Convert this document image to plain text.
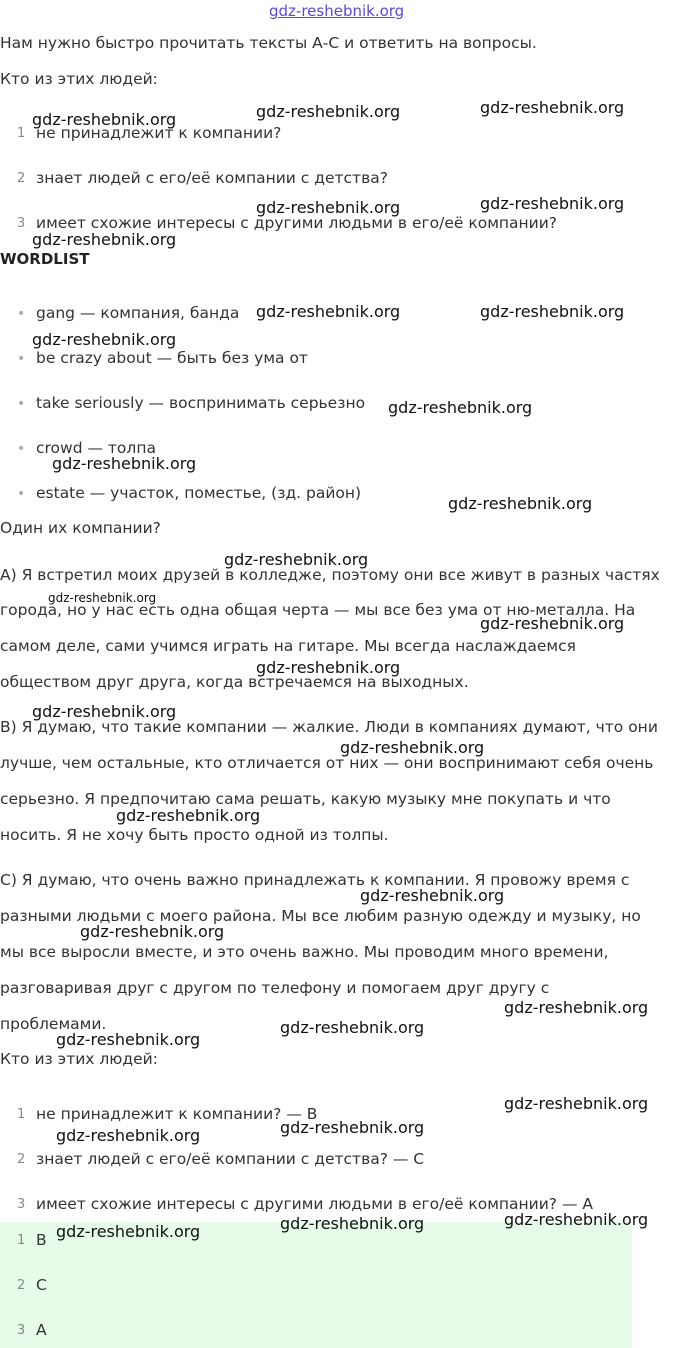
gdz-reshebnik.org
Нам нужно быстро прочитать тексты А-С и ответить на вопросы.
Кто из этих людей:
1 не принадлежит к компании?
2 знает людей с его/её компании с детства?
3 имеет схожие интересы с другими людьми в его/её компании?
WORDLIST
• gang — компания, банда
• be crazy about — быть без ума от
• take seriously — воспринимать серьезно
• crowd — толпа
• estate — участок, поместье, (зд. район)
Один их компании?
A) Я встретил моих друзей в колледже, поэтому они все живут в разных частях
города, но у нас есть одна общая черта — мы все без ума от ню-металла. На
самом деле, сами учимся играть на гитаре. Мы всегда наслаждаемся
обществом друг друга, когда встречаемся на выходных.
B) Я думаю, что такие компании — жалкие. Люди в компаниях думают, что они
лучше, чем остальные, кто отличается от них — они воспринимают себя очень
серьезно. Я предпочитаю сама решать, какую музыку мне покупать и что
носить. Я не хочу быть просто одной из толпы.
C) Я думаю, что очень важно принадлежать к компании. Я провожу время с
разными людьми с моего района. Мы все любим разную одежду и музыку, но
мы все выросли вместе, и это очень важно. Мы проводим много времени,
разговаривая друг с другом по телефону и помогаем друг другу с
проблемами.
Кто из этих людей:
1 не принадлежит к компании? — B
2 знает людей с его/её компании с детства? — C
3 имеет схожие интересы с другими людьми в его/её компании? — A
1 B
2 C
3 A
gdz-reshebnik.org	gdz-reshebnik.org	gdz-reshebnik.org
gdz-reshebnik.org	gdz-reshebnik.org
gdz-reshebnik.org
gdz-reshebnik.org	gdz-reshebnik.org
gdz-reshebnik.org
gdz-reshebnik.org
gdz-reshebnik.org
gdz-reshebnik.org
gdz-reshebnik.org
gdz-reshebnik.org
gdz-reshebnik.org
gdz-reshebnik.org
gdz-reshebnik.org
gdz-reshebnik.org
gdz-reshebnik.org
gdz-reshebnik.org
gdz-reshebnik.org
gdz-reshebnik.org
gdz-reshebnik.org
gdz-reshebnik.org
gdz-reshebnik.org
gdz-reshebnik.org
gdz-reshebnik.org
gdz-reshebnik.org
gdz-reshebnik.org
gdz-reshebnik.org
